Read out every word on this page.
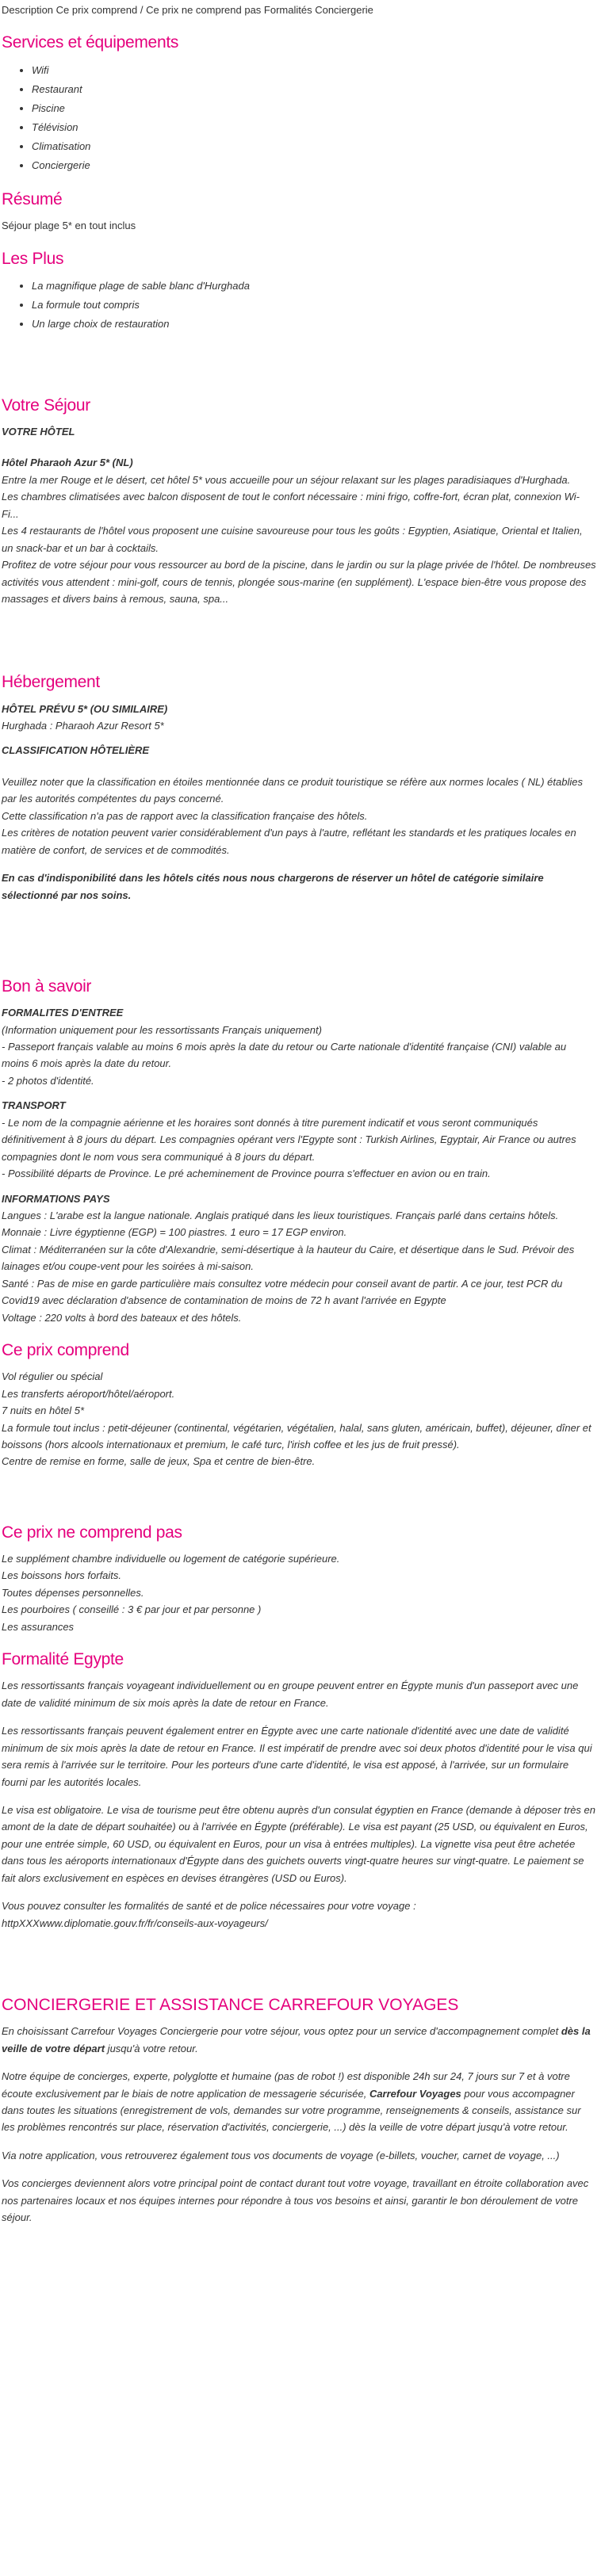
Description Ce prix comprend / Ce prix ne comprend pas Formalités Conciergerie

Services et équipements
• Wifi
• Restaurant
• Piscine
• Télévision
• Climatisation
• Conciergerie
Résumé

Séjour plage 5* en tout inclus

Les Plus
• La magnifique plage de sable blanc d'Hurghada
• La formule tout compris
• Un large choix de restauration
Votre Séjour

VOTRE HÔTEL

Hôtel Pharaoh Azur 5* (NL)

Entre la mer Rouge et le désert, cet hôtel 5* vous accueille pour un séjour relaxant sur les plages paradisiaques d'Hurghada.
Les chambres climatisées avec balcon disposent de tout le confort nécessaire : mini frigo, coffre-fort, écran plat, connexion Wi-Fi...
Les 4 restaurants de l'hôtel vous proposent une cuisine savoureuse pour tous les goûts : Egyptien, Asiatique, Oriental et Italien, un snack-bar et un bar à cocktails.
Profitez de votre séjour pour vous ressourcer au bord de la piscine, dans le jardin ou sur la plage privée de l'hôtel. De nombreuses activités vous attendent : mini-golf, cours de tennis, plongée sous-marine (en supplément). L'espace bien-être vous propose des massages et divers bains à remous, sauna, spa...
Hébergement

HÔTEL PRÉVU 5* (OU SIMILAIRE)

Hurghada : Pharaoh Azur Resort 5*

CLASSIFICATION HÔTELIÈRE

Veuillez noter que la classification en étoiles mentionnée dans ce produit touristique se réfère aux normes locales ( NL) établies par les autorités compétentes du pays concerné.
Cette classification n'a pas de rapport avec la classification française des hôtels.
Les critères de notation peuvent varier considérablement d'un pays à l'autre, reflétant les standards et les pratiques locales en matière de confort, de services et de commodités.

En cas d'indisponibilité dans les hôtels cités nous nous chargerons de réserver un hôtel de catégorie similaire sélectionné par nos soins.

Bon à savoir

FORMALITES D'ENTREE

(Information uniquement pour les ressortissants Français uniquement)
- Passeport français valable au moins 6 mois après la date du retour ou Carte nationale d'identité française (CNI) valable au moins 6 mois après la date du retour.
- 2 photos d'identité.

TRANSPORT

- Le nom de la compagnie aérienne et les horaires sont donnés à titre purement indicatif et vous seront communiqués définitivement à 8 jours du départ. Les compagnies opérant vers l'Egypte sont : Turkish Airlines, Egyptair, Air France ou autres compagnies dont le nom vous sera communiqué à 8 jours du départ.
- Possibilité départs de Province. Le pré acheminement de Province pourra s'effectuer en avion ou en train.

INFORMATIONS PAYS

Langues : L'arabe est la langue nationale. Anglais pratiqué dans les lieux touristiques. Français parlé dans certains hôtels.
Monnaie : Livre égyptienne (EGP) = 100 piastres. 1 euro = 17 EGP environ.
Climat : Méditerranéen sur la côte d'Alexandrie, semi-désertique à la hauteur du Caire, et désertique dans le Sud. Prévoir des lainages et/ou coupe-vent pour les soirées à mi-saison.
Santé : Pas de mise en garde particulière mais consultez votre médecin pour conseil avant de partir. A ce jour, test PCR du Covid19 avec déclaration d'absence de contamination de moins de 72 h avant l'arrivée en Egypte
Voltage : 220 volts à bord des bateaux et des hôtels.
Ce prix comprend
Vol régulier ou spécial
Les transferts aéroport/hôtel/aéroport.
7 nuits en hôtel 5*
La formule tout inclus : petit-déjeuner (continental, végétarien, végétalien, halal, sans gluten, américain, buffet), déjeuner, dîner et boissons (hors alcools internationaux et premium, le café turc, l'irish coffee et les jus de fruit pressé).
Centre de remise en forme, salle de jeux, Spa et centre de bien-être.
Ce prix ne comprend pas
Le supplément chambre individuelle ou logement de catégorie supérieure.
Les boissons hors forfaits.
Toutes dépenses personnelles.
Les pourboires ( conseillé : 3 € par jour et par personne )
Les assurances
Formalité Egypte

Les ressortissants français voyageant individuellement ou en groupe peuvent entrer en Égypte munis d'un passeport avec une date de validité minimum de six mois après la date de retour en France.

Les ressortissants français peuvent également entrer en Égypte avec une carte nationale d'identité avec une date de validité minimum de six mois après la date de retour en France. Il est impératif de prendre avec soi deux photos d'identité pour le visa qui sera remis à l'arrivée sur le territoire. Pour les porteurs d'une carte d'identité, le visa est apposé, à l'arrivée, sur un formulaire fourni par les autorités locales.

Le visa est obligatoire. Le visa de tourisme peut être obtenu auprès d'un consulat égyptien en France (demande à déposer très en amont de la date de départ souhaitée) ou à l'arrivée en Égypte (préférable). Le visa est payant (25 USD, ou équivalent en Euros, pour une entrée simple, 60 USD, ou équivalent en Euros, pour un visa à entrées multiples). La vignette visa peut être achetée dans tous les aéroports internationaux d'Égypte dans des guichets ouverts vingt-quatre heures sur vingt-quatre. Le paiement se fait alors exclusivement en espèces en devises étrangères (USD ou Euros).

Vous pouvez consulter les formalités de santé et de police nécessaires pour votre voyage : httpXXXwww.diplomatie.gouv.fr/fr/conseils-aux-voyageurs/

CONCIERGERIE ET ASSISTANCE CARREFOUR VOYAGES

En choisissant Carrefour Voyages Conciergerie pour votre séjour, vous optez pour un service d'accompagnement complet dès la veille de votre départ jusqu'à votre retour.

Notre équipe de concierges, experte, polyglotte et humaine (pas de robot !) est disponible 24h sur 24, 7 jours sur 7 et à votre écoute exclusivement par le biais de notre application de messagerie sécurisée, Carrefour Voyages pour vous accompagner dans toutes les situations (enregistrement de vols, demandes sur votre programme, renseignements & conseils, assistance sur les problèmes rencontrés sur place, réservation d'activités, conciergerie, ...) dès la veille de votre départ jusqu'à votre retour.

Via notre application, vous retrouverez également tous vos documents de voyage (e-billets, voucher, carnet de voyage, ...)

Vos concierges deviennent alors votre principal point de contact durant tout votre voyage, travaillant en étroite collaboration avec nos partenaires locaux et nos équipes internes pour répondre à tous vos besoins et ainsi, garantir le bon déroulement de votre séjour.
